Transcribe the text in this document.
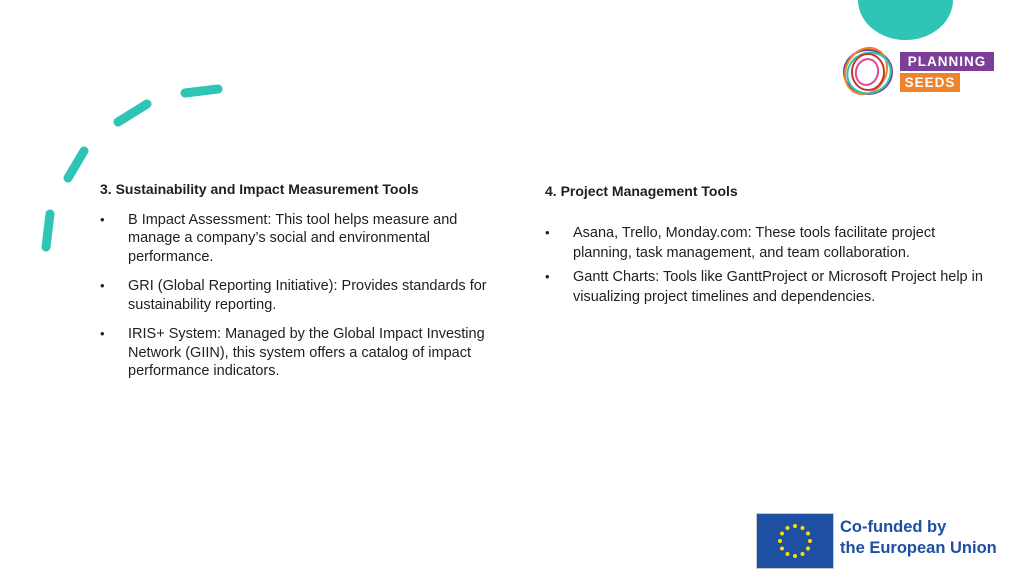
PLANNING
SEEDS
3. Sustainability and Impact Measurement Tools
• B Impact Assessment: This tool helps measure and manage a company’s social and environmental performance.
• GRI (Global Reporting Initiative): Provides standards for sustainability reporting.
• IRIS+ System: Managed by the Global Impact Investing Network (GIIN), this system offers a catalog of impact performance indicators.
4. Project Management Tools
• Asana, Trello, Monday.com: These tools facilitate project planning, task management, and team collaboration.
• Gantt Charts: Tools like GanttProject or Microsoft Project help in visualizing project timelines and dependencies.
Co-funded by
the European Union
